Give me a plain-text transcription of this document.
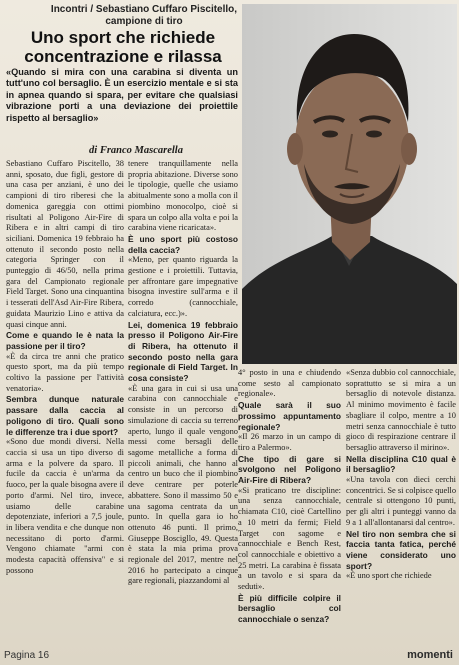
Incontri / Sebastiano Cuffaro Piscitello, campione di tiro
Uno sport che richiede concentrazione e rilassa
«Quando si mira con una carabina si diventa un tutt'uno col bersaglio. È un esercizio mentale e si sta in apnea quando si spara, per evitare che qualsiasi vibrazione porti a una deviazione dei proiettile rispetto al bersaglio»
di Franco Mascarella

Sebastiano Cuffaro Piscitello, 38 anni, sposato, due figli, gestore di una casa per anziani, è uno dei campioni di tiro riberesi che la domenica gareggia con ottimi risultati al Poligono Air-Fire di Ribera e in altri campi di tiro siciliani. Domenica 19 febbraio ha ottenuto il secondo posto nella categoria Springer con il punteggio di 46/50, nella prima gara del Campionato regionale Field Target. Sono una cinquantina i tesserati dell'Asd Air-Fire Ribera, guidata Maurizio Lino e attiva da quasi cinque anni.

Come e quando le è nata la passione per il tiro?

«È da circa tre anni che pratico questo sport, ma da più tempo coltivo la passione per l'attività venatoria».

Sembra dunque naturale passare dalla caccia al poligono di tiro. Quali sono le differenze tra i due sport?

«Sono due mondi diversi. Nella caccia si usa un tipo diverso di arma e la polvere da sparo. Il fucile da caccia è un'arma da fuoco, per la quale bisogna avere il porto d'armi. Nel tiro, invece, usiamo delle carabine depotenziate, inferiori a 7,5 joule, in libera vendita e che dunque non necessitano di porto d'armi. Vengono chiamate "armi con modesta capacità offensiva" e si possono

tenere tranquillamente nella propria abitazione. Diverse sono le tipologie, quelle che usiamo abitualmente sono a molla con il piombino monocolpo, cioè si spara un colpo alla volta e poi la carabina viene ricaricata».

È uno sport più costoso della caccia?

«Meno, per quanto riguarda la gestione e i proiettili. Tuttavia, per affrontare gare impegnative bisogna investire sull'arma e il corredo (cannocchiale, calciatura, ecc.)».

Lei, domenica 19 febbraio presso il Poligono Air-Fire di Ribera, ha ottenuto il secondo posto nella gara regionale di Field Target. In cosa consiste?

«È una gara in cui si usa una carabina con cannocchiale e consiste in un percorso di simulazione di caccia su terreno aperto, lungo il quale vengono messi come bersagli delle sagome metalliche a forma di piccoli animali, che hanno al centro un buco che il piombino deve centrare per poterle abbattere. Sono il massimo 50 e una sagoma centrata da un punto. In quella gara io ho ottenuto 46 punti. Il primo, Giuseppe Boscigllo, 49. Questa è stata la mia prima prova regionale del 2017, mentre nel 2016 ho partecipato a cinque gare regionali, piazzandomi al

4° posto in una e chiudendo come sesto al campionato regionale».

Quale sarà il suo prossimo appuntamento regionale?

«Il 26 marzo in un campo di tiro a Palermo».

Che tipo di gare si svolgono nel Poligono Air-Fire di Ribera?

«Si praticano tre discipline: una senza cannocchiale, chiamata C10, cioè Cartellino a 10 metri da fermi; Field Target con sagome e cannocchiale e Bench Rest, col cannocchiale e obiettivo a 25 metri. La carabina è fissata a un tavolo e si spara da seduti».

È più difficile colpire il bersaglio col cannocchiale o senza?

«Senza dubbio col cannocchiale, soprattutto se si mira a un bersaglio di notevole distanza. Al minimo movimento è facile sbagliare il colpo, mentre a 10 metri senza cannocchiale è tutto gioco di respirazione centrare il bersaglio attraverso il mirino».

Nella disciplina C10 qual è il bersaglio?

«Una tavola con dieci cerchi concentrici. Se si colpisce quello centrale si ottengono 10 punti, per gli altri i punteggi vanno da 9 a 1 all'allontanarsi dal centro».

Nel tiro non sembra che si faccia tanta fatica, perché viene considerato uno sport?

«È uno sport che richiede

Pagina 16	momenti
